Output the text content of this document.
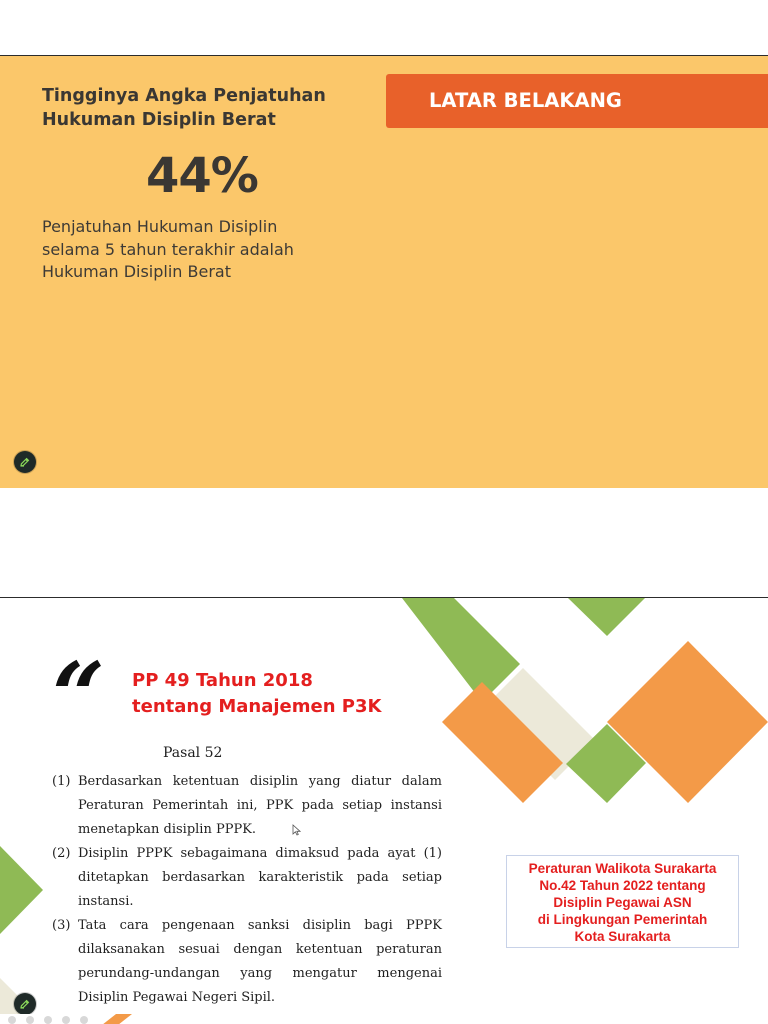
Tingginya Angka Penjatuhan
Hukuman Disiplin Berat
44%
Penjatuhan Hukuman Disiplin
selama 5 tahun terakhir adalah
Hukuman Disiplin Berat
LATAR BELAKANG
“ PP 49 Tahun 2018
tentang Manajemen P3K
Pasal 52
(1) Berdasarkan ketentuan disiplin yang diatur dalam Peraturan Pemerintah ini, PPK pada setiap instansi menetapkan disiplin PPPK.
(2) Disiplin PPPK sebagaimana dimaksud pada ayat (1) ditetapkan berdasarkan karakteristik pada setiap instansi.
(3) Tata cara pengenaan sanksi disiplin bagi PPPK dilaksanakan sesuai dengan ketentuan peraturan perundang-undangan yang mengatur mengenai Disiplin Pegawai Negeri Sipil.
Peraturan Walikota Surakarta
No.42 Tahun 2022 tentang
Disiplin Pegawai ASN
di Lingkungan Pemerintah
Kota Surakarta
